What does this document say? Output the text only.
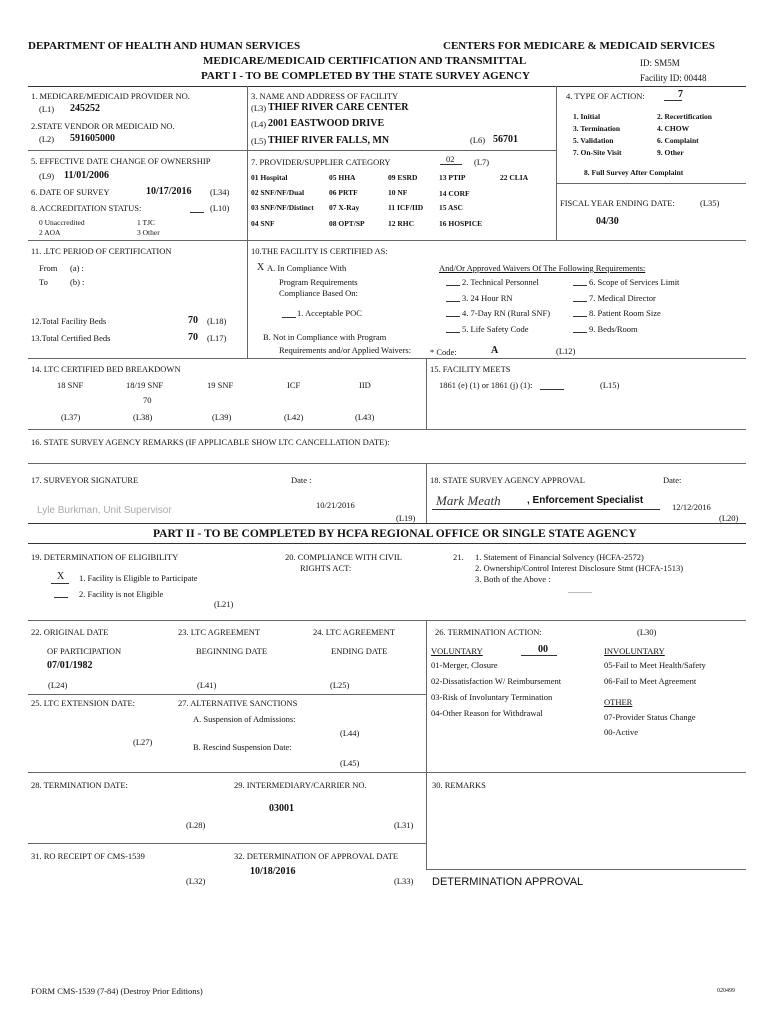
DEPARTMENT OF HEALTH AND HUMAN SERVICES	CENTERS FOR MEDICARE & MEDICAID SERVICES
MEDICARE/MEDICAID CERTIFICATION AND TRANSMITTAL	ID: SM5M
PART I - TO BE COMPLETED BY THE STATE SURVEY AGENCY	Facility ID: 00448
1. MEDICARE/MEDICAID PROVIDER NO.
(L1) 245252
2.STATE VENDOR OR MEDICAID NO.
(L2) 591605000
3. NAME AND ADDRESS OF FACILITY
(L3) THIEF RIVER CARE CENTER
(L4) 2001 EASTWOOD DRIVE
(L5) THIEF RIVER FALLS, MN	(L6) 56701
4. TYPE OF ACTION:	7
1. Initial	2. Recertification
3. Termination	4. CHOW
5. Validation	6. Complaint
7. On-Site Visit	9. Other
8. Full Survey After Complaint
5. EFFECTIVE DATE CHANGE OF OWNERSHIP
(L9) 11/01/2006
6. DATE OF SURVEY	10/17/2016 (L34)
8. ACCREDITATION STATUS:	(L10)
0 Unaccredited	1 TJC
2 AOA	3 Other
7. PROVIDER/SUPPLIER CATEGORY	02 (L7)
01 Hospital	05 HHA	09 ESRD	13 PTIP	22 CLIA
02 SNF/NF/Dual	06 PRTF	10 NF	14 CORF
03 SNF/NF/Distinct 07 X-Ray	11 ICF/IID 15 ASC
04 SNF	08 OPT/SP	12 RHC	16 HOSPICE
FISCAL YEAR ENDING DATE:	(L35)
04/30
11. .LTC PERIOD OF CERTIFICATION
From (a) :
To	(b) :
12.Total Facility Beds	70 (L18)
13.Total Certified Beds	70 (L17)
10.THE FACILITY IS CERTIFIED AS:
X A. In Compliance With
Program Requirements
Compliance Based On:
1. Acceptable POC
And/Or Approved Waivers Of The Following Requirements:
2. Technical Personnel
3. 24 Hour RN
4. 7-Day RN (Rural SNF)
5. Life Safety Code
6. Scope of Services Limit
7. Medical Director
8. Patient Room Size
9. Beds/Room
B. Not in Compliance with Program
Requirements and/or Applied Waivers: * Code:	A	(L12)
14. LTC CERTIFIED BED BREAKDOWN
18 SNF	18/19 SNF	19 SNF	ICF	IID
70
(L37)	(L38)	(L39)	(L42)	(L43)
15. FACILITY MEETS
1861 (e) (1) or 1861 (j) (1):	(L15)
16. STATE SURVEY AGENCY REMARKS (IF APPLICABLE SHOW LTC CANCELLATION DATE):
17. SURVEYOR SIGNATURE	Date :
Lyle Burkman, Unit Supervisor	10/21/2016
(L19)
18. STATE SURVEY AGENCY APPROVAL	Date:
Mark Meath	, Enforcement Specialist
12/12/2016
(L20)
PART II - TO BE COMPLETED BY HCFA REGIONAL OFFICE OR SINGLE STATE AGENCY
19. DETERMINATION OF ELIGIBILITY
X 1. Facility is Eligible to Participate
2. Facility is not Eligible
(L21)
20. COMPLIANCE WITH CIVIL
RIGHTS ACT:
21. 1. Statement of Financial Solvency (HCFA-2572)
2. Ownership/Control Interest Disclosure Stmt (HCFA-1513)
3. Both of the Above :
22. ORIGINAL DATE
OF PARTICIPATION
07/01/1982
(L24)
23. LTC AGREEMENT
BEGINNING DATE
(L41)
24. LTC AGREEMENT
ENDING DATE
(L25)
25. LTC EXTENSION DATE:
(L27)
27. ALTERNATIVE SANCTIONS
A. Suspension of Admissions:
(L44)
B. Rescind Suspension Date:
(L45)
26. TERMINATION ACTION:	(L30)
VOLUNTARY	00	INVOLUNTARY
01-Merger, Closure
02-Dissatisfaction W/ Reimbursement
03-Risk of Involuntary Termination
04-Other Reason for Withdrawal
05-Fail to Meet Health/Safety
06-Fail to Meet Agreement
OTHER
07-Provider Status Change
00-Active
28. TERMINATION DATE:
(L28)
29. INTERMEDIARY/CARRIER NO.
03001
(L31)
30. REMARKS
31. RO RECEIPT OF CMS-1539
(L32)
32. DETERMINATION OF APPROVAL DATE
10/18/2016
(L33) DETERMINATION APPROVAL
FORM CMS-1539 (7-84) (Destroy Prior Editions)	020499
